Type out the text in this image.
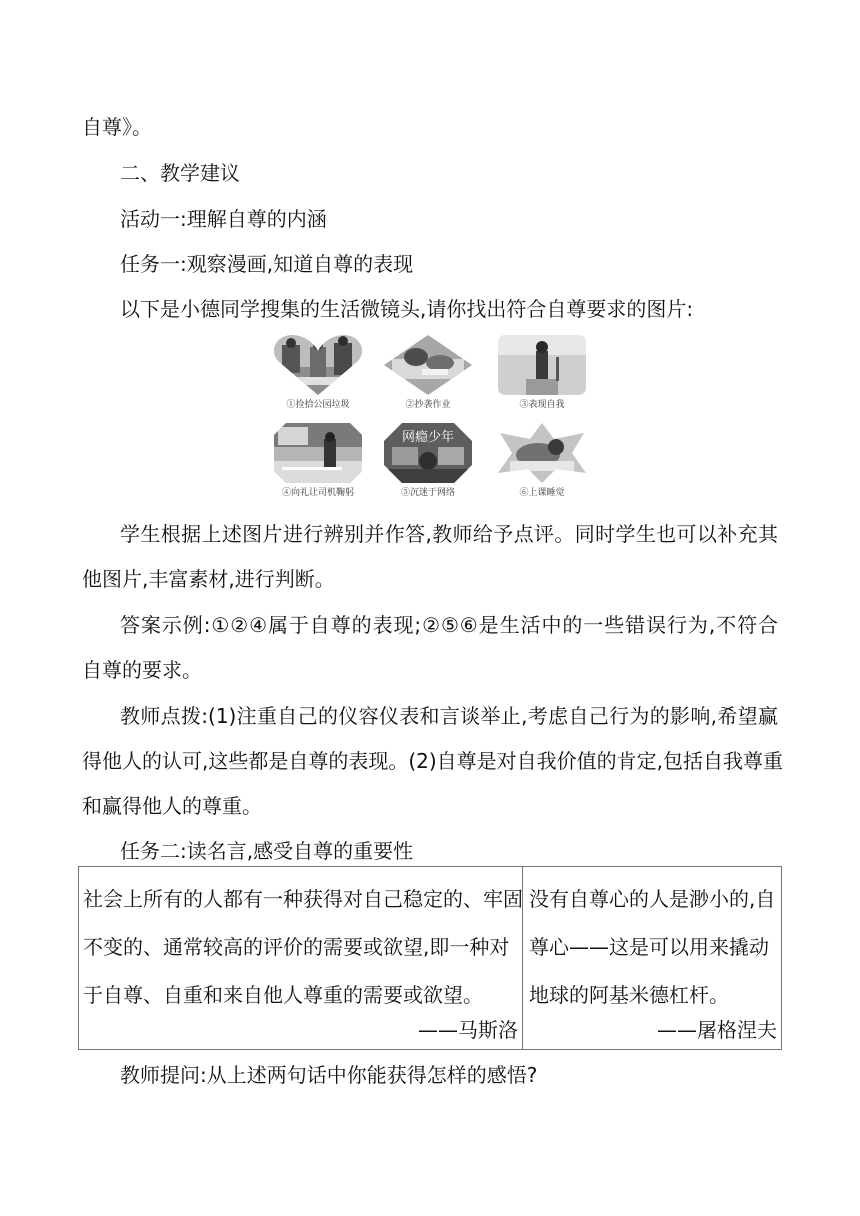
自尊》。
二、教学建议
活动一:理解自尊的内涵
任务一:观察漫画,知道自尊的表现
以下是小德同学搜集的生活微镜头,请你找出符合自尊要求的图片:
①捡拾公园垃圾	②抄袭作业	③表现自我
④向礼让司机鞠躬
网瘾少年
⑤沉迷于网络	⑥上课睡觉
学生根据上述图片进行辨别并作答,教师给予点评。同时学生也可以补充其
他图片,丰富素材,进行判断。
答案示例:①②④属于自尊的表现;②⑤⑥是生活中的一些错误行为,不符合
自尊的要求。
教师点拨:(1)注重自己的仪容仪表和言谈举止,考虑自己行为的影响,希望赢
得他人的认可,这些都是自尊的表现。(2)自尊是对自我价值的肯定,包括自我尊重
和赢得他人的尊重。
任务二:读名言,感受自尊的重要性
社会上所有的人都有一种获得对自己稳定的、牢固
不变的、通常较高的评价的需要或欲望,即一种对
于自尊、自重和来自他人尊重的需要或欲望。
——马斯洛
没有自尊心的人是渺小的,自
尊心——这是可以用来撬动
地球的阿基米德杠杆。
——屠格涅夫
教师提问:从上述两句话中你能获得怎样的感悟?
